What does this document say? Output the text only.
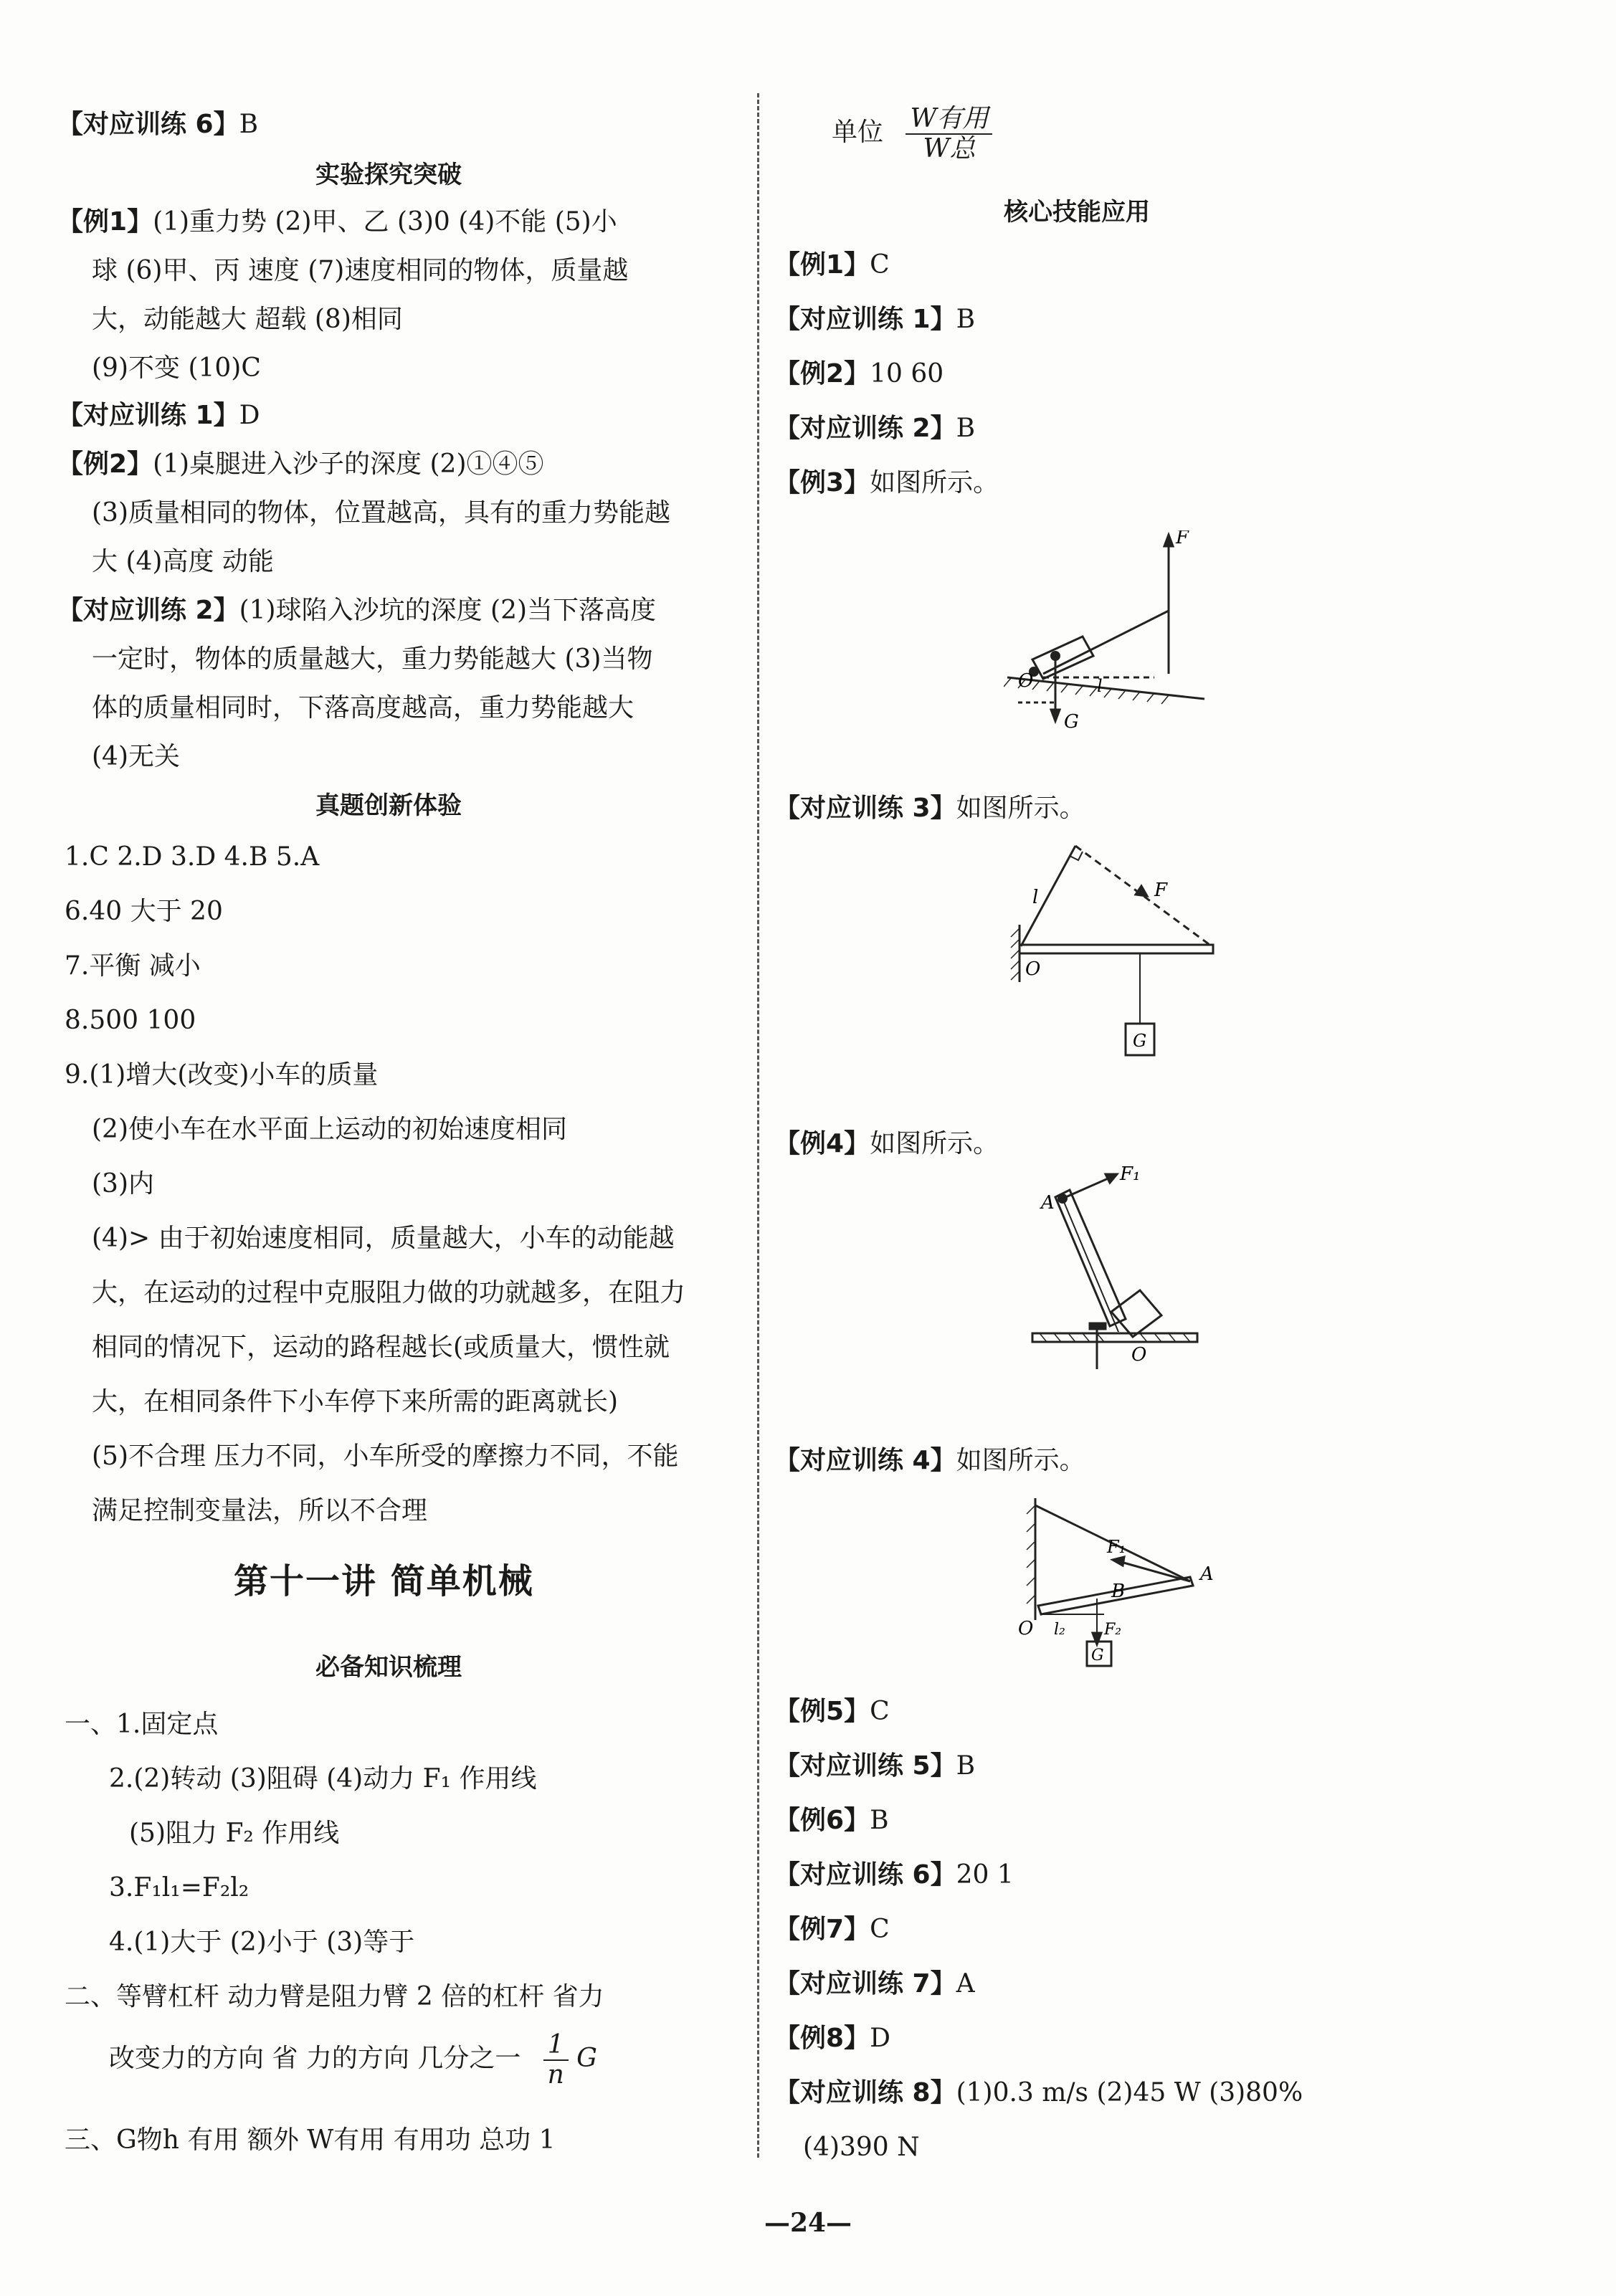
【对应训练 6】B
实验探究突破
【例1】(1)重力势 (2)甲、乙 (3)0 (4)不能 (5)小
球 (6)甲、丙 速度 (7)速度相同的物体，质量越
大，动能越大 超载 (8)相同
(9)不变 (10)C
【对应训练 1】D
【例2】(1)桌腿进入沙子的深度 (2)①④⑤
(3)质量相同的物体，位置越高，具有的重力势能越
大 (4)高度 动能
【对应训练 2】(1)球陷入沙坑的深度 (2)当下落高度
一定时，物体的质量越大，重力势能越大 (3)当物
体的质量相同时，下落高度越高，重力势能越大
(4)无关
真题创新体验
1.C 2.D 3.D 4.B 5.A
6.40 大于 20
7.平衡 减小
8.500 100
9.(1)增大(改变)小车的质量
(2)使小车在水平面上运动的初始速度相同
(3)内
(4)> 由于初始速度相同，质量越大，小车的动能越
大，在运动的过程中克服阻力做的功就越多，在阻力
相同的情况下，运动的路程越长(或质量大，惯性就
大，在相同条件下小车停下来所需的距离就长)
(5)不合理 压力不同，小车所受的摩擦力不同，不能
满足控制变量法，所以不合理
第十一讲 简单机械
必备知识梳理
一、1.固定点
2.(2)转动 (3)阻碍 (4)动力 F₁ 作用线
(5)阻力 F₂ 作用线
3.F₁l₁=F₂l₂
4.(1)大于 (2)小于 (3)等于
二、等臂杠杆 动力臂是阻力臂 2 倍的杠杆 省力
改变力的方向 省 力的方向 几分之一 $\frac{1}{n}$ G
三、G物h 有用 额外 W有用 有用功 总功 1
单位 $\frac{\text{W有用}}{\text{W总}}$
核心技能应用
【例1】C
【对应训练 1】B
【例2】10 60
【对应训练 2】B
【例3】如图所示。
【对应训练 3】如图所示。
【例4】如图所示。
【对应训练 4】如图所示。
【例5】C
【对应训练 5】B
【例6】B
【对应训练 6】20 1
【例7】C
【对应训练 7】A
【例8】D
【对应训练 8】(1)0.3 m/s (2)45 W (3)80%
(4)390 N
F
O	l
G
l	F
O
G
A
F₁
O
F₁
A
B
O l₂ F₂
G
—24—
